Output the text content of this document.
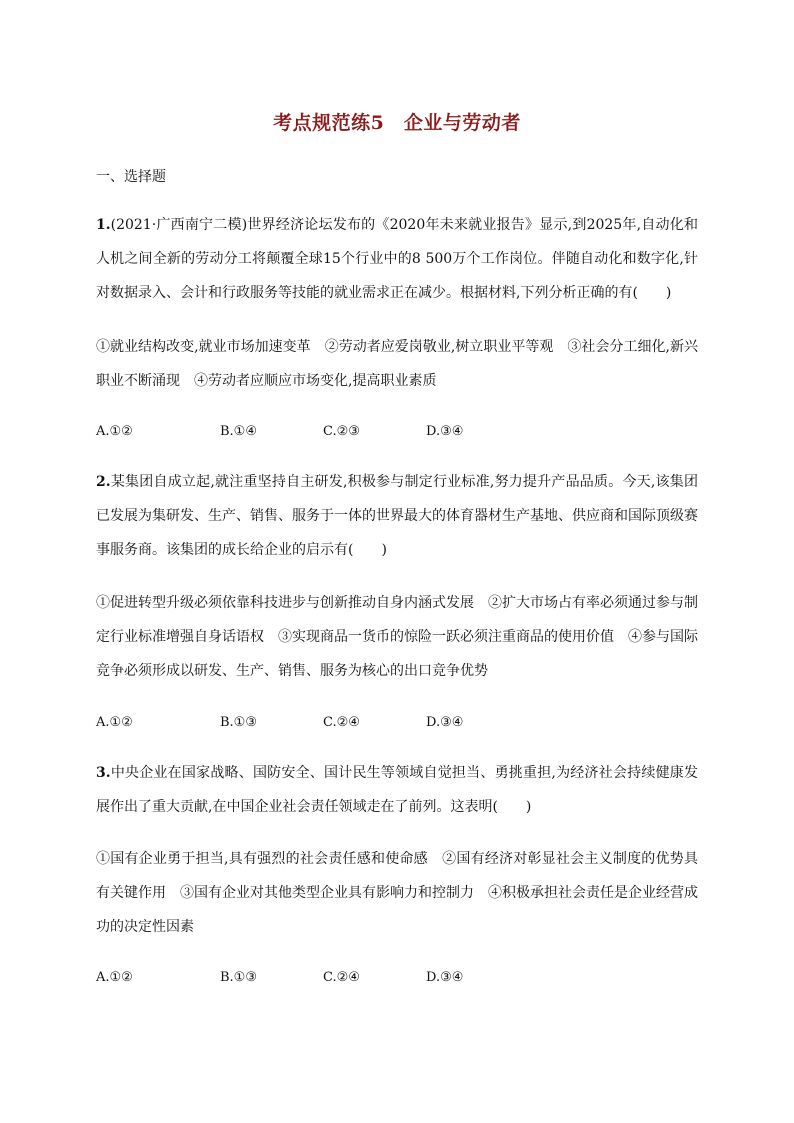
考点规范练5　企业与劳动者
一、选择题
1.(2021·广西南宁二模)世界经济论坛发布的《2020年未来就业报告》显示,到2025年,自动化和人机之间全新的劳动分工将颠覆全球15个行业中的8 500万个工作岗位。伴随自动化和数字化,针对数据录入、会计和行政服务等技能的就业需求正在减少。根据材料,下列分析正确的有(　　)
①就业结构改变,就业市场加速变革　②劳动者应爱岗敬业,树立职业平等观　③社会分工细化,新兴职业不断涌现　④劳动者应顺应市场变化,提高职业素质
A.①②	B.①④	C.②③	D.③④
2.某集团自成立起,就注重坚持自主研发,积极参与制定行业标准,努力提升产品品质。今天,该集团已发展为集研发、生产、销售、服务于一体的世界最大的体育器材生产基地、供应商和国际顶级赛事服务商。该集团的成长给企业的启示有(　　)
①促进转型升级必须依靠科技进步与创新推动自身内涵式发展　②扩大市场占有率必须通过参与制定行业标准增强自身话语权　③实现商品一货币的惊险一跃必须注重商品的使用价值　④参与国际竞争必须形成以研发、生产、销售、服务为核心的出口竞争优势
A.①②	B.①③	C.②④	D.③④
3.中央企业在国家战略、国防安全、国计民生等领域自觉担当、勇挑重担,为经济社会持续健康发展作出了重大贡献,在中国企业社会责任领域走在了前列。这表明(　　)
①国有企业勇于担当,具有强烈的社会责任感和使命感　②国有经济对彰显社会主义制度的优势具有关键作用　③国有企业对其他类型企业具有影响力和控制力　④积极承担社会责任是企业经营成功的决定性因素
A.①②	B.①③	C.②④	D.③④
